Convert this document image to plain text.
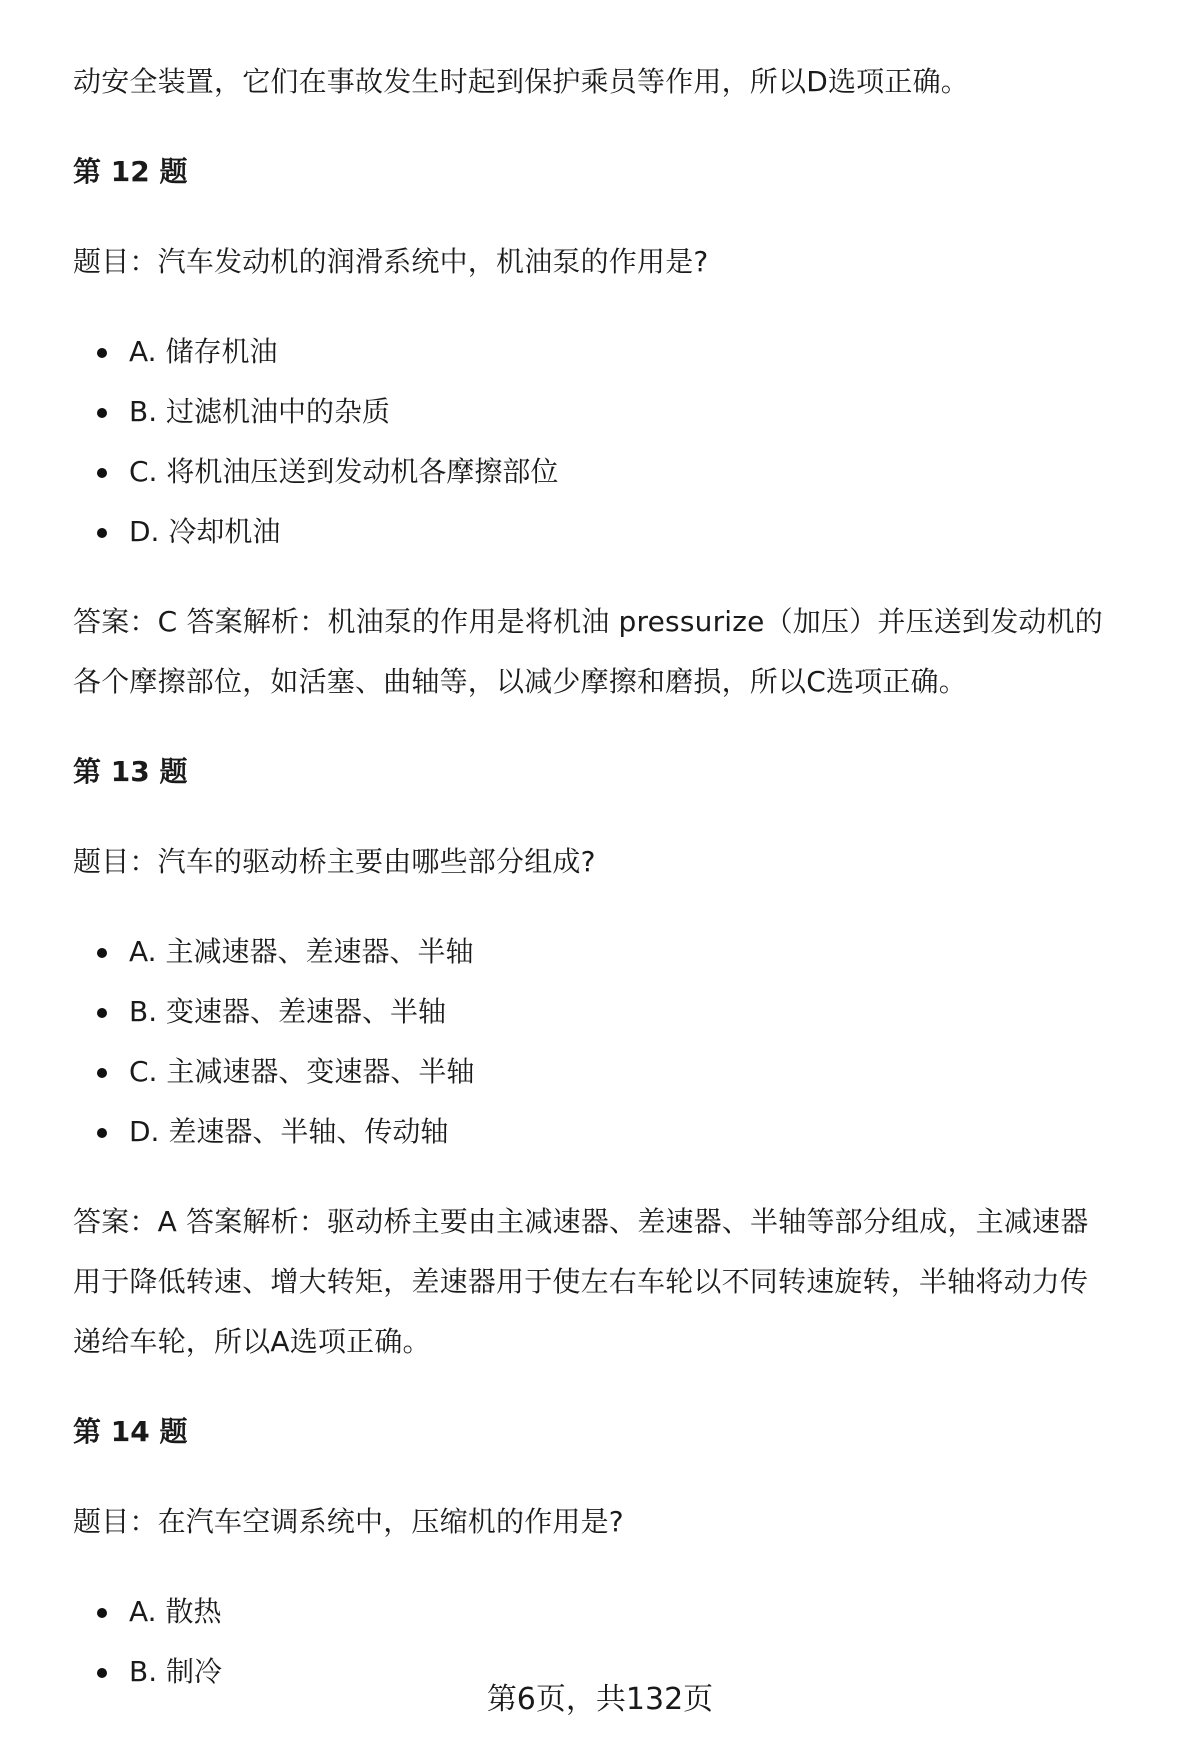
动安全装置，它们在事故发生时起到保护乘员等作用，所以D选项正确。

第 12 题

题目：汽车发动机的润滑系统中，机油泵的作用是?

A. 储存机油
B. 过滤机油中的杂质
C. 将机油压送到发动机各摩擦部位
D. 冷却机油

答案：C 答案解析：机油泵的作用是将机油 pressurize（加压）并压送到发动机的

各个摩擦部位，如活塞、曲轴等，以减少摩擦和磨损，所以C选项正确。

第 13 题

题目：汽车的驱动桥主要由哪些部分组成?

A. 主减速器、差速器、半轴
B. 变速器、差速器、半轴
C. 主减速器、变速器、半轴
D. 差速器、半轴、传动轴

答案：A 答案解析：驱动桥主要由主减速器、差速器、半轴等部分组成，主减速器

用于降低转速、增大转矩，差速器用于使左右车轮以不同转速旋转，半轴将动力传

递给车轮，所以A选项正确。

第 14 题

题目：在汽车空调系统中，压缩机的作用是?

A. 散热
B. 制冷
第6页，共132页
